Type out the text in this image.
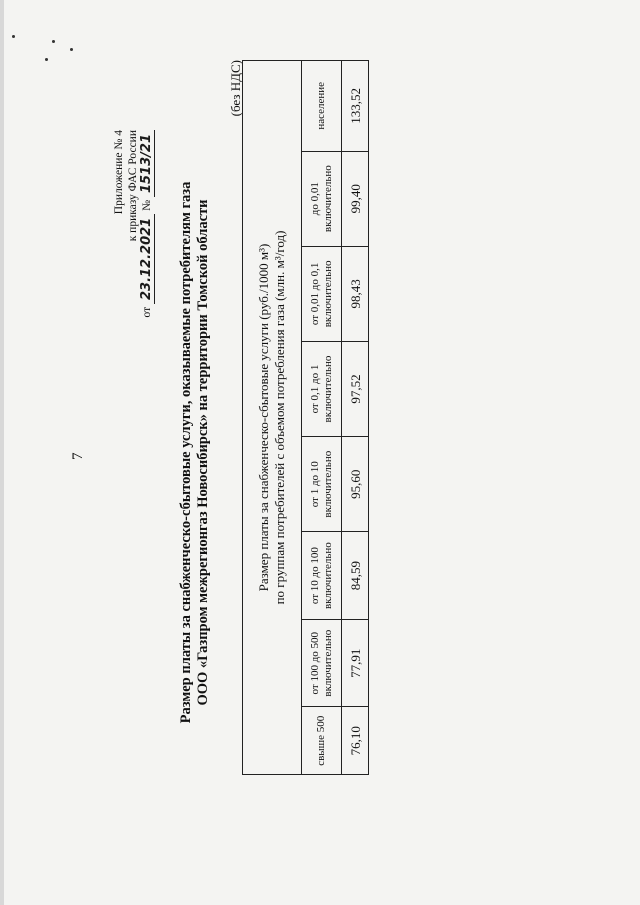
7
Приложение № 4 к приказу ФАС России
от 23.12.2021 № 1513/21
Размер платы за снабженческо-сбытовые услуги, оказываемые потребителям газа ООО «Газпром межрегионгаз Новосибирск» на территории Томской области
(без НДС)
Размер платы за снабженческо-сбытовые услуги (руб./1000 м³) по группам потребителей с объемом потребления газа (млн. м³/год)							

свыше 500	от 100 до 500 включительно	от 10 до 100 включительно	от 1 до 10 включительно	от 0,1 до 1 включительно	от 0,01 до 0,1 включительно	до 0,01 включительно	население
76,10	77,91	84,59	95,60	97,52	98,43	99,40	133,52
